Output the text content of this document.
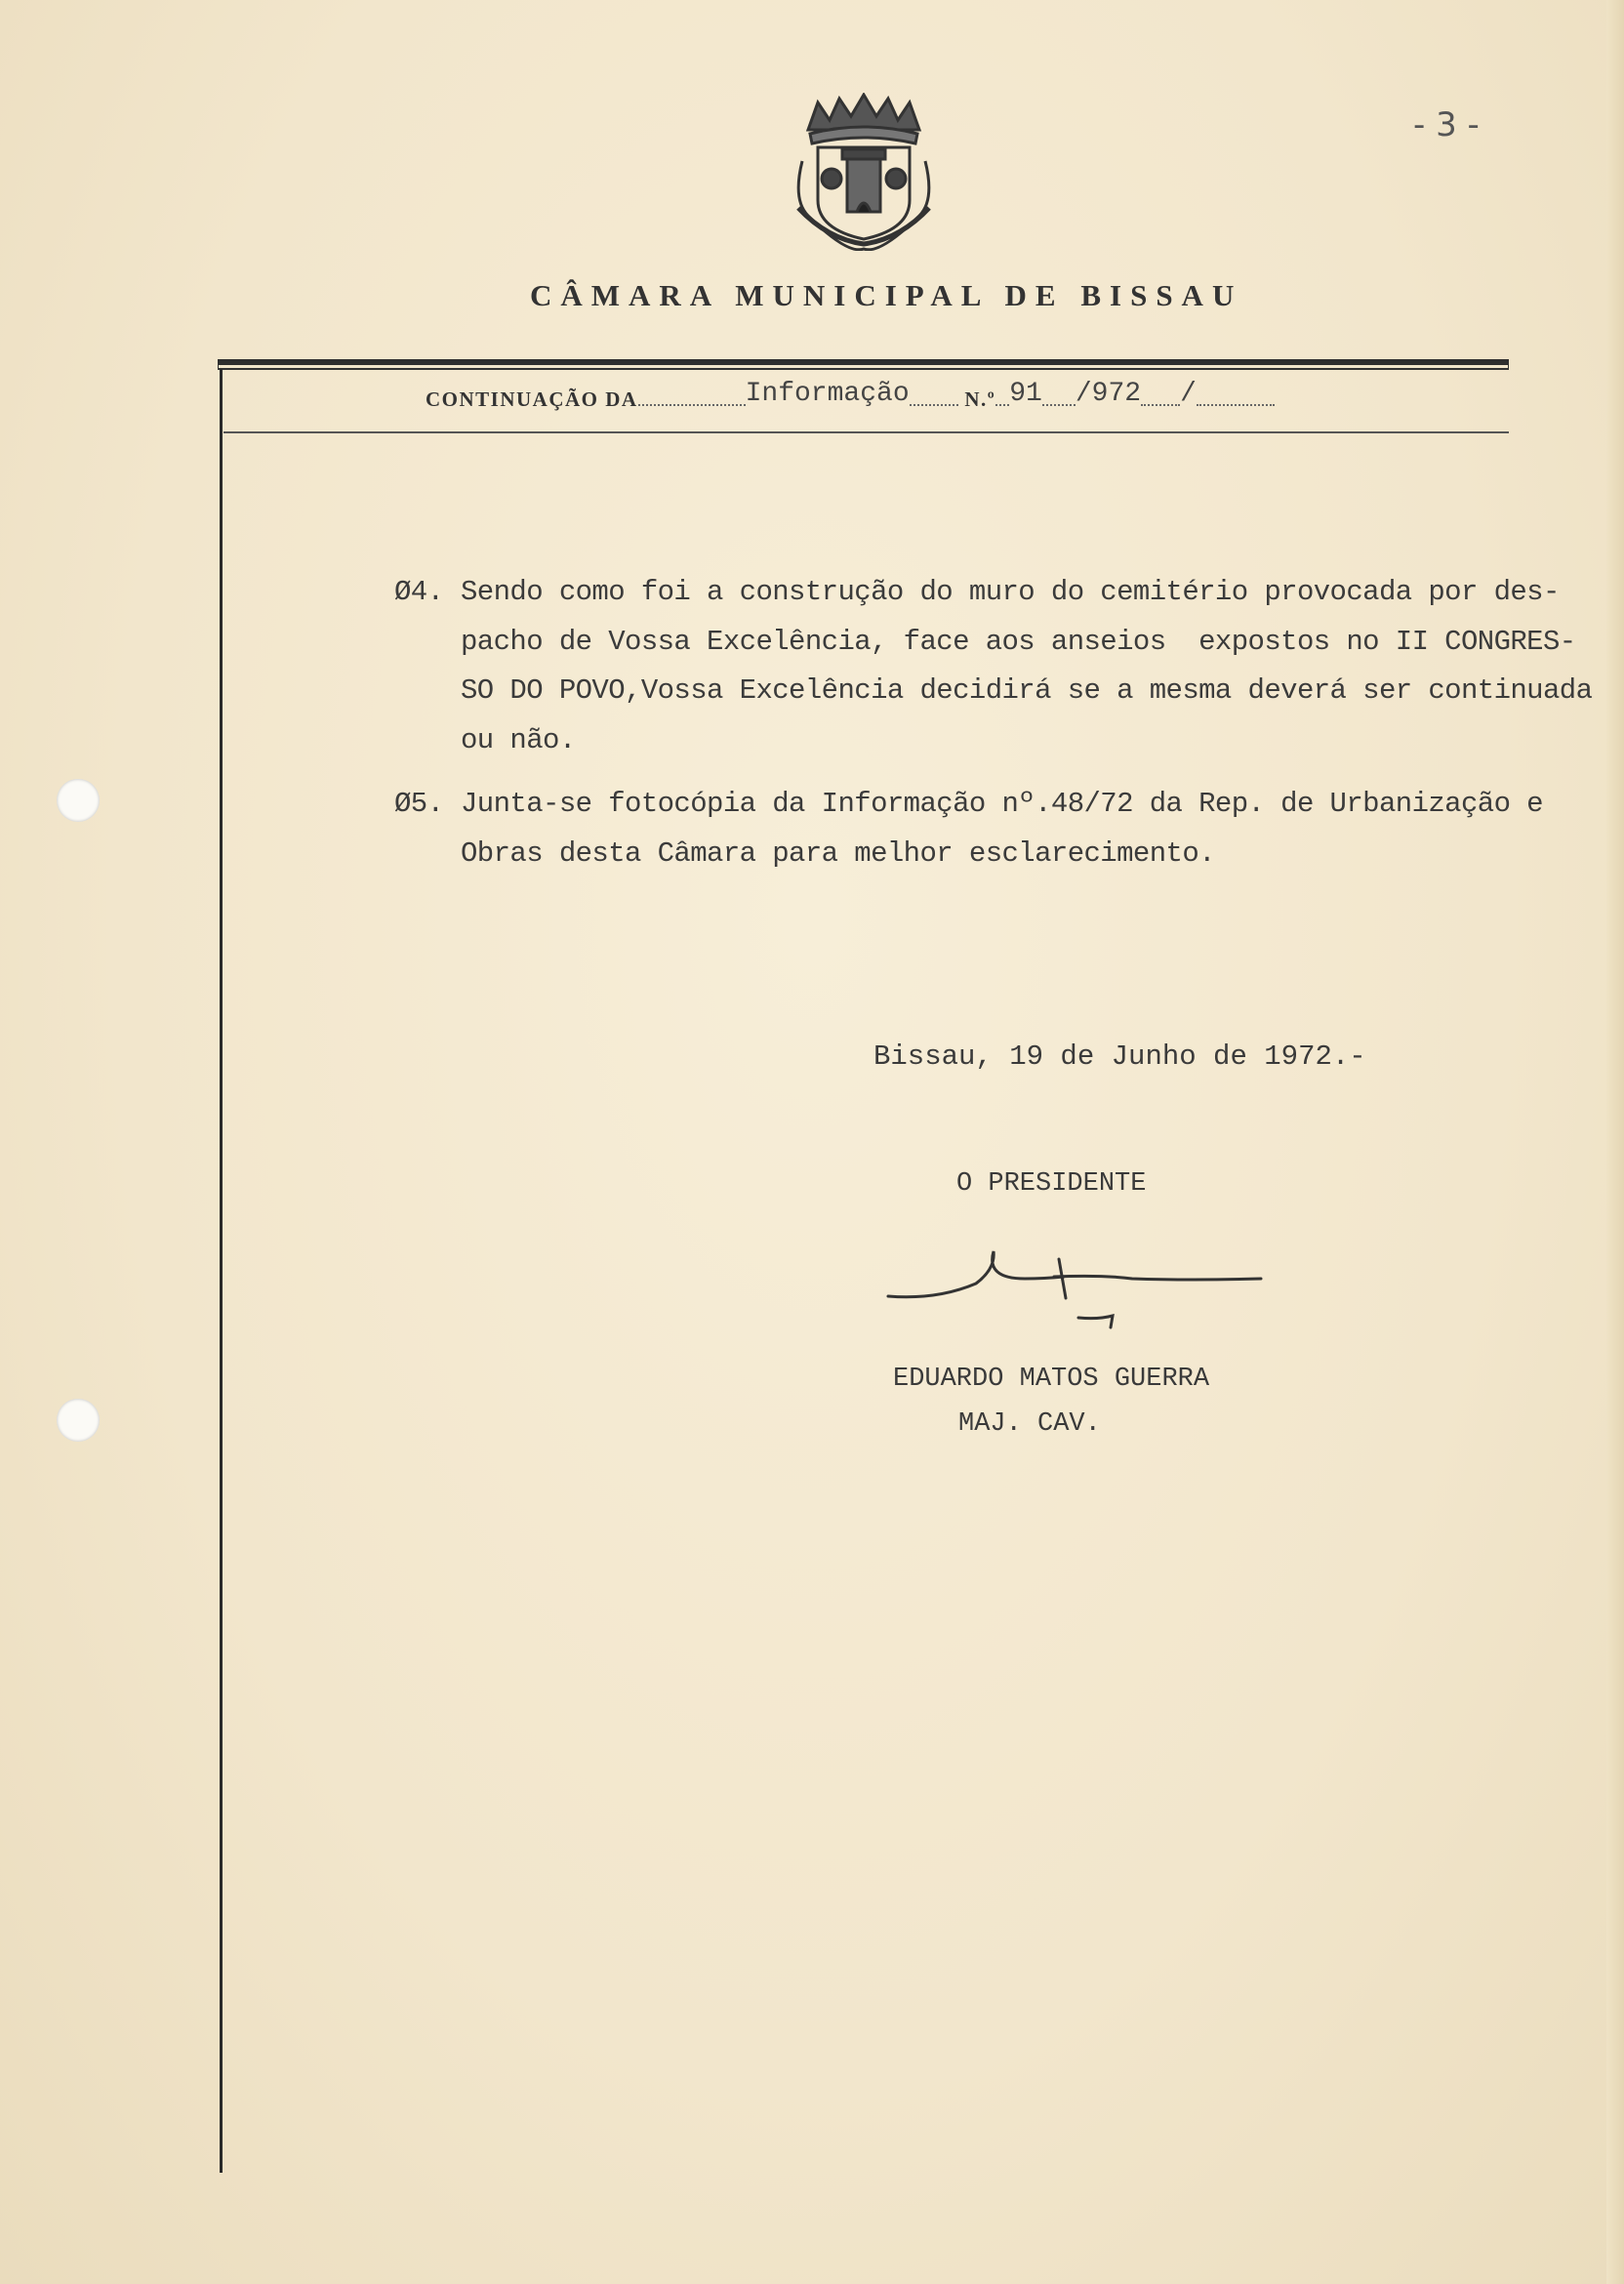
- 3 -
CÂMARA MUNICIPAL DE BISSAU
CONTINUAÇÃO DA	Informação	N.º 91 /972 /
Ø4. Sendo como foi a construção do muro do cemitério provocada por des-
pacho de Vossa Excelência, face aos anseios  expostos no II CONGRES-
SO DO POVO,Vossa Excelência decidirá se a mesma deverá ser continuada
ou não.
Ø5. Junta-se fotocópia da Informação nº.48/72 da Rep. de Urbanização e
Obras desta Câmara para melhor esclarecimento.
Bissau, 19 de Junho de 1972.-
O PRESIDENTE
EDUARDO MATOS GUERRA
MAJ. CAV.
